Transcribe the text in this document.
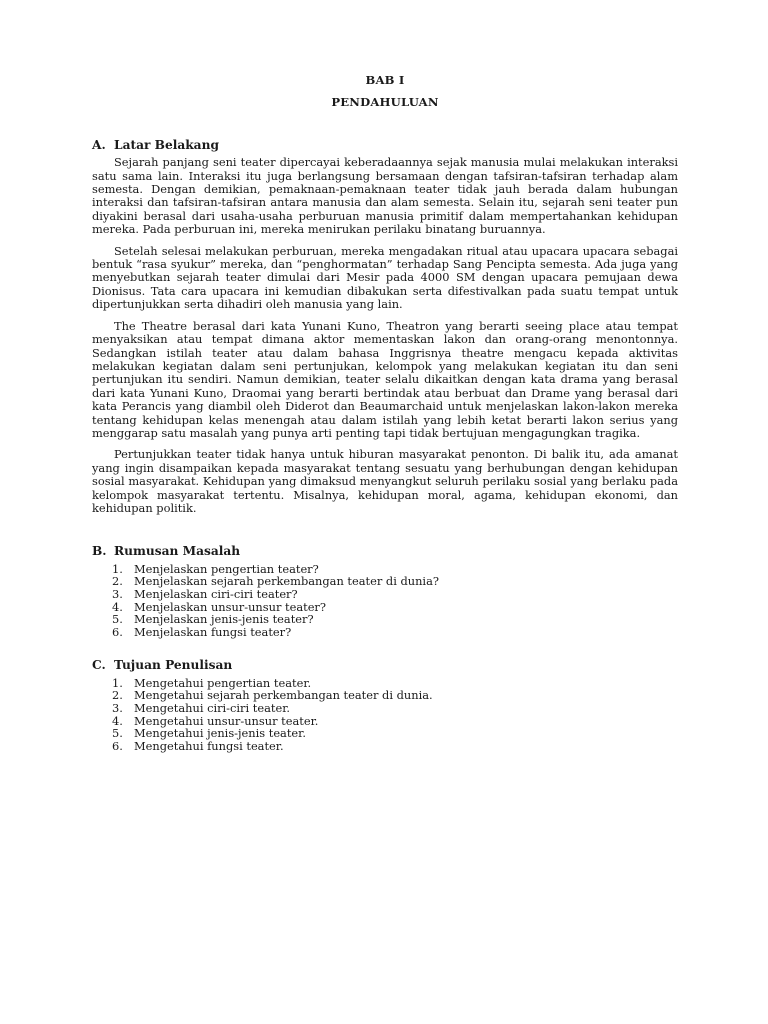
BAB I

PENDAHULUAN

A. Latar Belakang

Sejarah panjang seni teater dipercayai keberadaannya sejak manusia mulai melakukan interaksi satu sama lain. Interaksi itu juga berlangsung bersamaan dengan tafsiran-tafsiran terhadap alam semesta. Dengan demikian, pemaknaan-pemaknaan teater tidak jauh berada dalam hubungan interaksi dan tafsiran-tafsiran antara manusia dan alam semesta. Selain itu, sejarah seni teater pun diyakini berasal dari usaha-usaha perburuan manusia primitif dalam mempertahankan kehidupan mereka. Pada perburuan ini, mereka menirukan perilaku binatang buruannya.

Setelah selesai melakukan perburuan, mereka mengadakan ritual atau upacara upacara sebagai bentuk “rasa syukur” mereka, dan “penghormatan” terhadap Sang Pencipta semesta. Ada juga yang menyebutkan sejarah teater dimulai dari Mesir pada 4000 SM dengan upacara pemujaan dewa Dionisus. Tata cara upacara ini kemudian dibakukan serta difestivalkan pada suatu tempat untuk dipertunjukkan serta dihadiri oleh manusia yang lain.

The Theatre berasal dari kata Yunani Kuno, Theatron yang berarti seeing place atau tempat menyaksikan atau tempat dimana aktor mementaskan lakon dan orang-orang menontonnya. Sedangkan istilah teater atau dalam bahasa Inggrisnya theatre mengacu kepada aktivitas melakukan kegiatan dalam seni pertunjukan, kelompok yang melakukan kegiatan itu dan seni pertunjukan itu sendiri. Namun demikian, teater selalu dikaitkan dengan kata drama yang berasal dari kata Yunani Kuno, Draomai yang berarti bertindak atau berbuat dan Drame yang berasal dari kata Perancis yang diambil oleh Diderot dan Beaumarchaid untuk menjelaskan lakon-lakon mereka tentang kehidupan kelas menengah atau dalam istilah yang lebih ketat berarti lakon serius yang menggarap satu masalah yang punya arti penting tapi tidak bertujuan mengagungkan tragika.

Pertunjukkan teater tidak hanya untuk hiburan masyarakat penonton. Di balik itu, ada amanat yang ingin disampaikan kepada masyarakat tentang sesuatu yang berhubungan dengan kehidupan sosial masyarakat. Kehidupan yang dimaksud menyangkut seluruh perilaku sosial yang berlaku pada kelompok masyarakat tertentu. Misalnya, kehidupan moral, agama, kehidupan ekonomi, dan kehidupan politik.

B. Rumusan Masalah
1. Menjelaskan pengertian teater?
2. Menjelaskan sejarah perkembangan teater di dunia?
3. Menjelaskan ciri-ciri teater?
4. Menjelaskan unsur-unsur teater?
5. Menjelaskan jenis-jenis teater?
6. Menjelaskan fungsi teater?
C. Tujuan Penulisan
1. Mengetahui pengertian teater.
2. Mengetahui sejarah perkembangan teater di dunia.
3. Mengetahui ciri-ciri teater.
4. Mengetahui unsur-unsur teater.
5. Mengetahui jenis-jenis teater.
6. Mengetahui fungsi teater.
